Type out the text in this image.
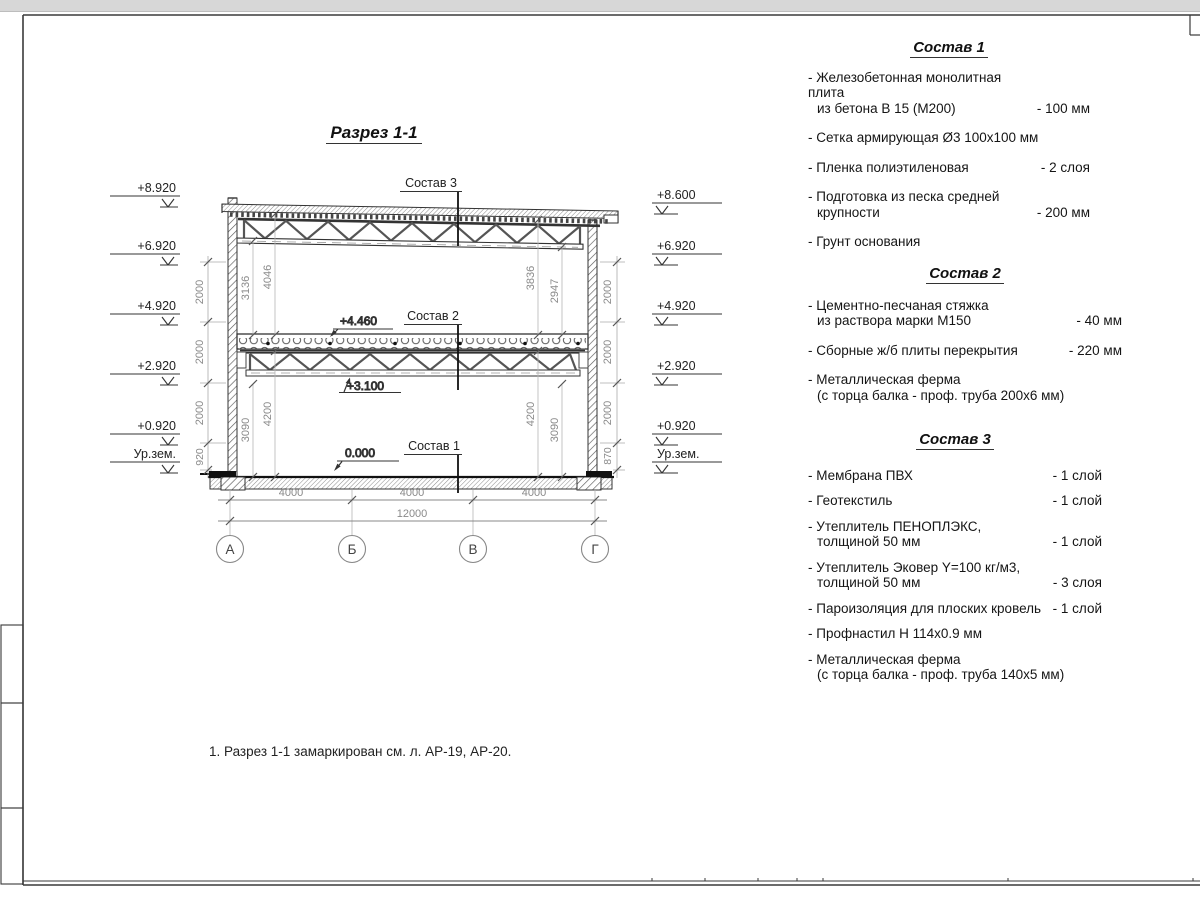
Состав 3
Состав 2
Состав 1
+4.460
+3.100
0.000
+8.920
+6.920
+4.920
+2.920
+0.920
Ур.зем.
+8.600
+6.920
+4.920
+2.920
+0.920
Ур.зем.
2000
2000
2000
920
2000
2000
2000
870
3136 4046
3090
4200
3836
2947
4200
3090
4000	4000	4000
12000
А	Б	В	Г
Разрез 1-1
Состав 1
- Железобетонная монолитная плита
из бетона В 15 (М200)	- 100 мм
- Сетка армирующая Ø3 100х100 мм
- Пленка полиэтиленовая	- 2 слоя
- Подготовка из песка средней
крупности	- 200 мм
- Грунт основания
Состав 2
- Цементно-песчаная стяжка
из раствора марки М150	- 40 мм
- Сборные ж/б плиты перекрытия	- 220 мм
- Металлическая ферма
(с торца балка - проф. труба 200х6 мм)
Состав 3
- Мембрана ПВХ	- 1 слой
- Геотекстиль	- 1 слой
- Утеплитель ПЕНОПЛЭКС,
толщиной 50 мм	- 1 слой
- Утеплитель Эковер Y=100 кг/м3,
толщиной 50 мм	- 3 слоя
- Пароизоляция для плоских кровель - 1 слой
- Профнастил Н 114х0.9 мм
- Металлическая ферма
(с торца балка - проф. труба 140х5 мм)
1. Разрез 1-1 замаркирован см. л. АР-19, АР-20.
